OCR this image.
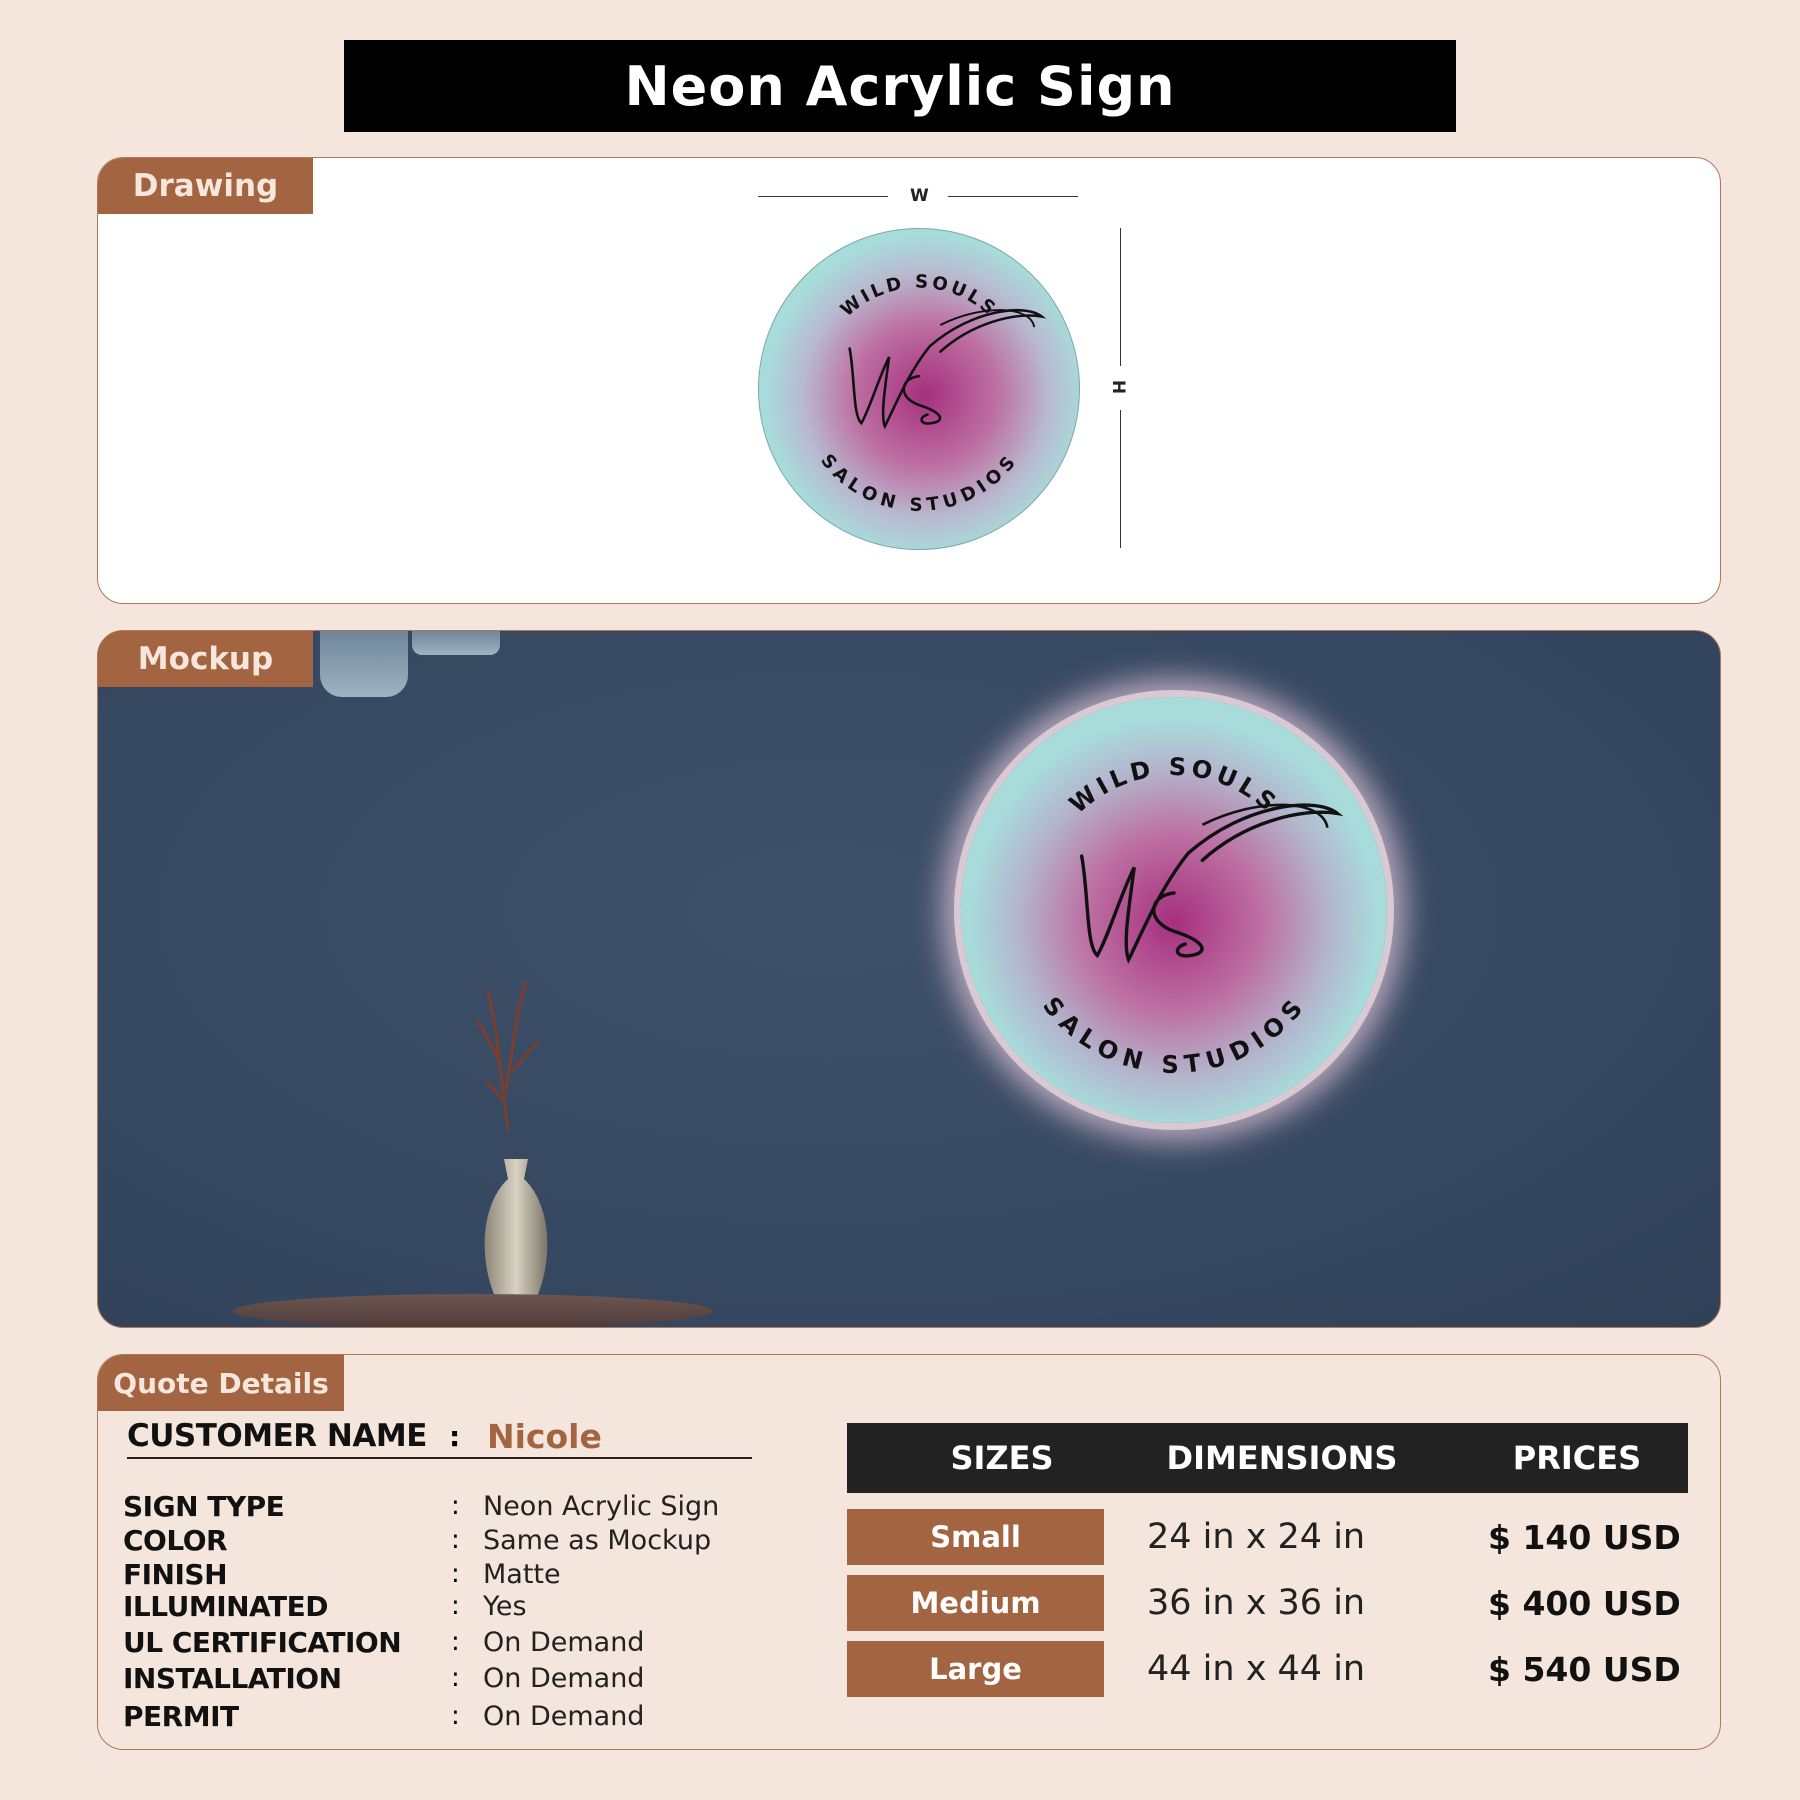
Neon Acrylic Sign
Drawing	W
H
WILD SOULS
SALON STUDIOS
Mockup
WILD SOULS
SALON STUDIOS
Quote Details
CUSTOMER NAME : Nicole
SIGN TYPE	: Neon Acrylic Sign
COLOR	: Same as Mockup
FINISH	: Matte
ILLUMINATED	: Yes
UL CERTIFICATION	: On Demand
INSTALLATION	: On Demand
PERMIT	: On Demand
SIZES	DIMENSIONS	PRICES
Small	24 in x 24 in	$ 140 USD
Medium	36 in x 36 in	$ 400 USD
Large	44 in x 44 in	$ 540 USD
